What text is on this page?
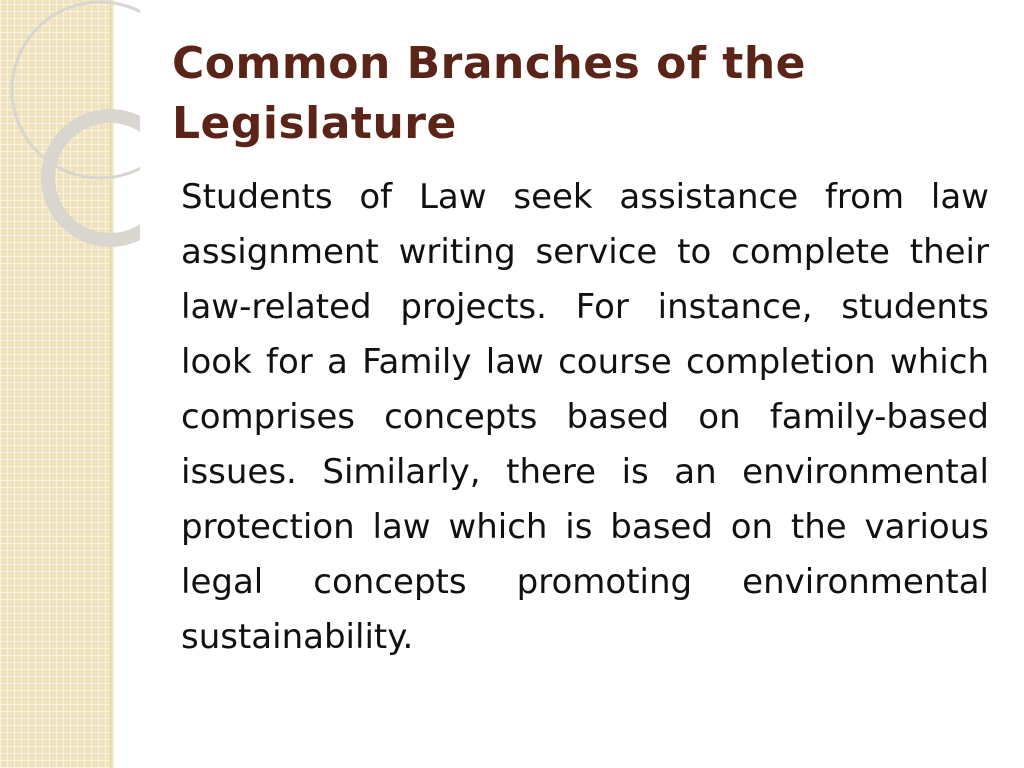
Common Branches of the Legislature

Students of Law seek assistance from law assignment writing service to complete their law-related projects. For instance, students look for a Family law course completion which comprises concepts based on family-based issues. Similarly, there is an environmental protection law which is based on the various legal concepts promoting environmental sustainability.
